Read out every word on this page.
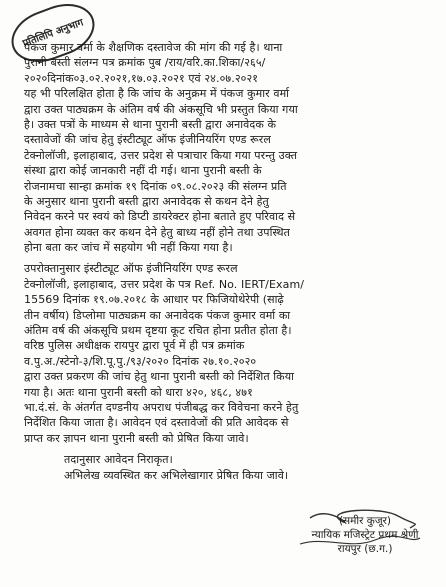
प्रतिलिपि अनुभाग
पंकज कुमार वर्मा के शैक्षणिक दस्तावेज की मांग की गई है। थाना
पुरानी बस्ती संलग्न पत्र क्रमांक पुब /राय/वरि.का.शिका/२६५/
२०२०दिनांक०३.०२.२०२१,१७.०३.२०२१ एवं २४.०७.२०२१
यह भी परिलक्षित होता है कि जांच के अनुक्रम में पंकज कुमार वर्मा
द्वारा उक्त पाठ्यक्रम के अंतिम वर्ष की अंकसूचि भी प्रस्तुत किया गया
है। उक्त पत्रों के माध्यम से थाना पुरानी बस्ती द्वारा अनावेदक के
दस्तावेजों की जांच हेतु इंस्टीट्यूट ऑफ इंजीनियरिंग एण्ड रूरल
टेक्नोलॉजी, इलाहाबाद, उत्तर प्रदेश से पत्राचार किया गया परन्तु उक्त
संस्था द्वारा कोई जानकारी नहीं दी गई। थाना पुरानी बस्ती के
रोजनामचा सान्हा क्रमांक १९ दिनांक ०९.०८.२०२३ की संलग्न प्रति
के अनुसार थाना पुरानी बस्ती द्वारा अनावेदक से कथन देने हेतु
निवेदन करने पर स्वयं को डिप्टी डायरेक्टर होना बताते हुए परिवाद से
अवगत होना व्यक्त कर कथन देने हेतु बाध्य नहीं होने तथा उपस्थित
होना बता कर जांच में सहयोग भी नहीं किया गया है।
उपरोक्तानुसार इंस्टीट्यूट ऑफ इंजीनियरिंग एण्ड रूरल
टेक्नोलॉजी, इलाहाबाद, उत्तर प्रदेश के पत्र Ref. No. IERT/Exam/
15569 दिनांक १९.०७.२०१८ के आधार पर फिजियोथेरेपी (साढ़े
तीन वर्षीय) डिप्लोमा पाठ्यक्रम का अनावेदक पंकज कुमार वर्मा का
अंतिम वर्ष की अंकसूचि प्रथम दृष्टया कूट रचित होना प्रतीत होता है।
वरिष्ठ पुलिस अधीक्षक रायपुर द्वारा पूर्व में ही पत्र क्रमांक
व.पु.अ./स्टेनो-३/शि.पू.पु./९३/२०२० दिनांक २७.१०.२०२०
द्वारा उक्त प्रकरण की जांच हेतु थाना पुरानी बस्ती को निर्देशित किया
गया है। अतः थाना पुरानी बस्ती को धारा ४२०, ४६८, ४७१
भा.दं.सं. के अंतर्गत दण्डनीय अपराध पंजीबद्ध कर विवेचना करने हेतु
निर्देशित किया जाता है। आवेदन एवं दस्तावेजों की प्रति आवेदक से
प्राप्त कर ज्ञापन थाना पुरानी बस्ती को प्रेषित किया जावे।
तदानुसार आवेदन निराकृत।
अभिलेख व्यवस्थित कर अभिलेखागार प्रेषित किया जावे।
(समीर कुजूर)
न्यायिक मजिस्ट्रेट प्रथम श्रेणी
रायपुर (छ.ग.)
